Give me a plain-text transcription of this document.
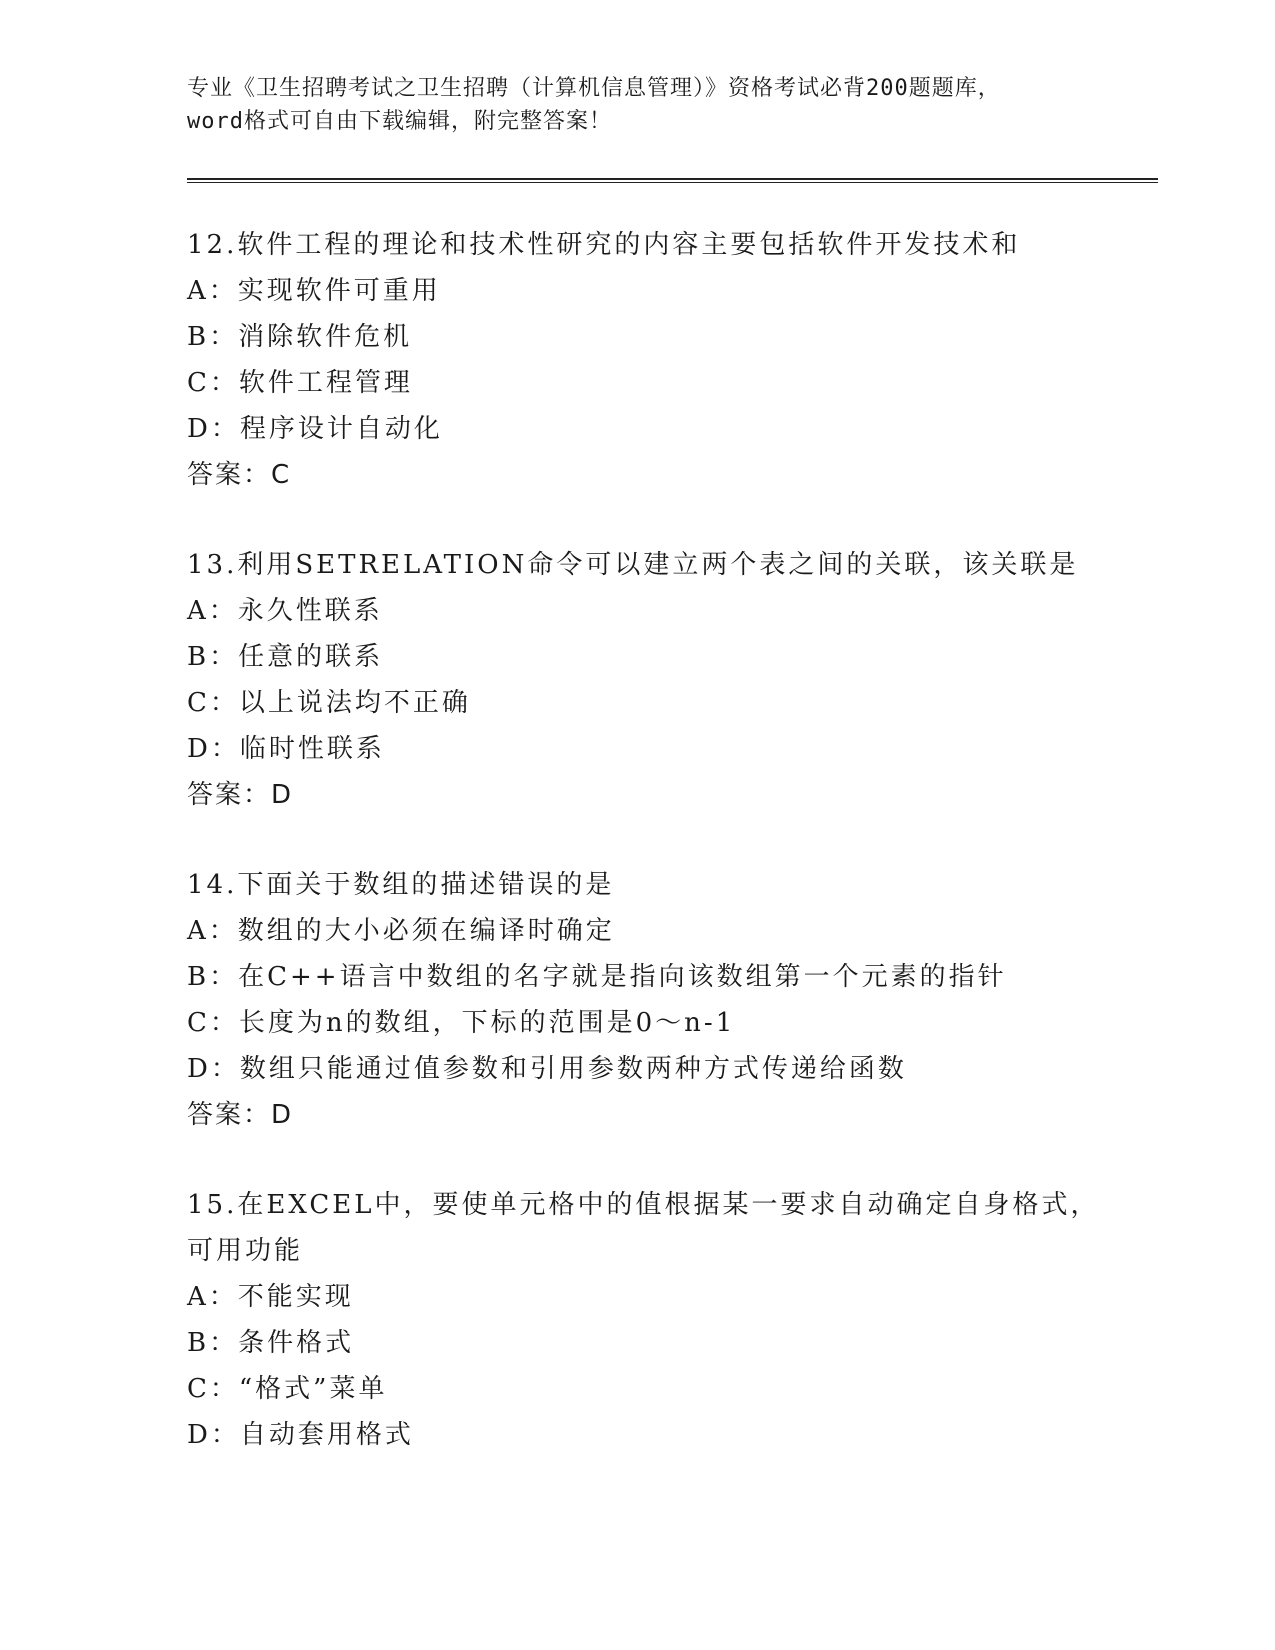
专业《卫生招聘考试之卫生招聘（计算机信息管理）》资格考试必背200题题库，
word格式可自由下载编辑，附完整答案！
12.软件工程的理论和技术性研究的内容主要包括软件开发技术和
A：实现软件可重用
B：消除软件危机
C：软件工程管理
D：程序设计自动化
答案：C
13.利用SETRELATION命令可以建立两个表之间的关联，该关联是
A：永久性联系
B：任意的联系
C：以上说法均不正确
D：临时性联系
答案：D
14.下面关于数组的描述错误的是
A：数组的大小必须在编译时确定
B：在C++语言中数组的名字就是指向该数组第一个元素的指针
C：长度为n的数组，下标的范围是0～n-1
D：数组只能通过值参数和引用参数两种方式传递给函数
答案：D
15.在EXCEL中，要使单元格中的值根据某一要求自动确定自身格式，
可用功能
A：不能实现
B：条件格式
C：“格式”菜单
D：自动套用格式
